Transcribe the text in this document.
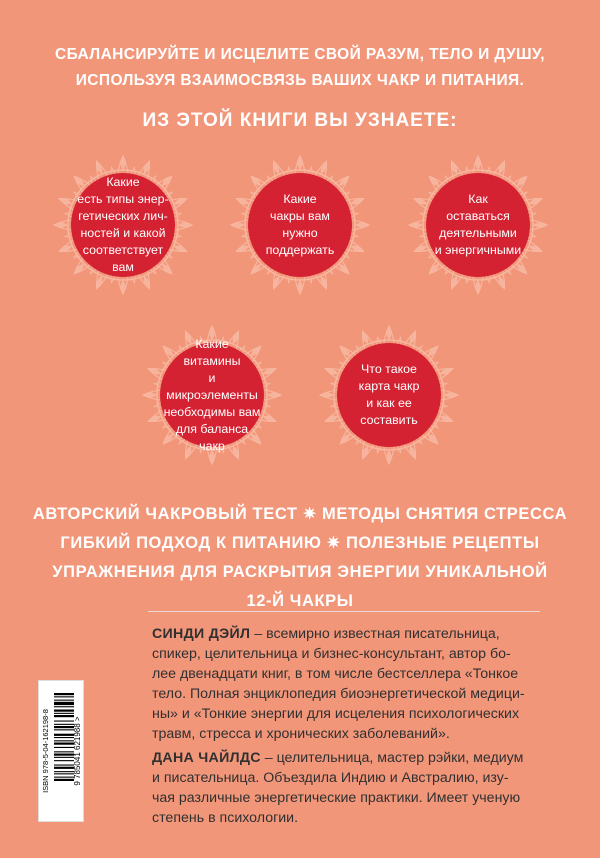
СБАЛАНСИРУЙТЕ И ИСЦЕЛИТЕ СВОЙ РАЗУМ, ТЕЛО И ДУШУ,
ИСПОЛЬЗУЯ ВЗАИМОСВЯЗЬ ВАШИХ ЧАКР И ПИТАНИЯ.
ИЗ ЭТОЙ КНИГИ ВЫ УЗНАЕТЕ:
Какие
есть типы энер-
гетических лич-
ностей и какой
соответствует
вам
Какие
чакры вам
нужно
поддержать
Как
оставаться
деятельными
и энергичными
Какие
витамины
и микроэлементы
необходимы вам
для баланса
чакр
Что такое
карта чакр
и как ее
составить
АВТОРСКИЙ ЧАКРОВЫЙ ТЕСТ ✷ МЕТОДЫ СНЯТИЯ СТРЕССА
ГИБКИЙ ПОДХОД К ПИТАНИЮ ✷ ПОЛЕЗНЫЕ РЕЦЕПТЫ
УПРАЖНЕНИЯ ДЛЯ РАСКРЫТИЯ ЭНЕРГИИ УНИКАЛЬНОЙ
12-Й ЧАКРЫ
СИНДИ ДЭЙЛ – всемирно известная писательница,
спикер, целительница и бизнес-консультант, автор бо-
лее двенадцати книг, в том числе бестселлера «Тонкое
тело. Полная энциклопедия биоэнергетической медици-
ны» и «Тонкие энергии для исцеления психологических
травм, стресса и хронических заболеваний».
ДАНА ЧАЙЛДС – целительница, мастер рэйки, медиум
и писательница. Объездила Индию и Австралию, изу-
чая различные энергетические практики. Имеет ученую
степень в психологии.
ISBN 978-5-04-162198-8	9 785041 621988 >
